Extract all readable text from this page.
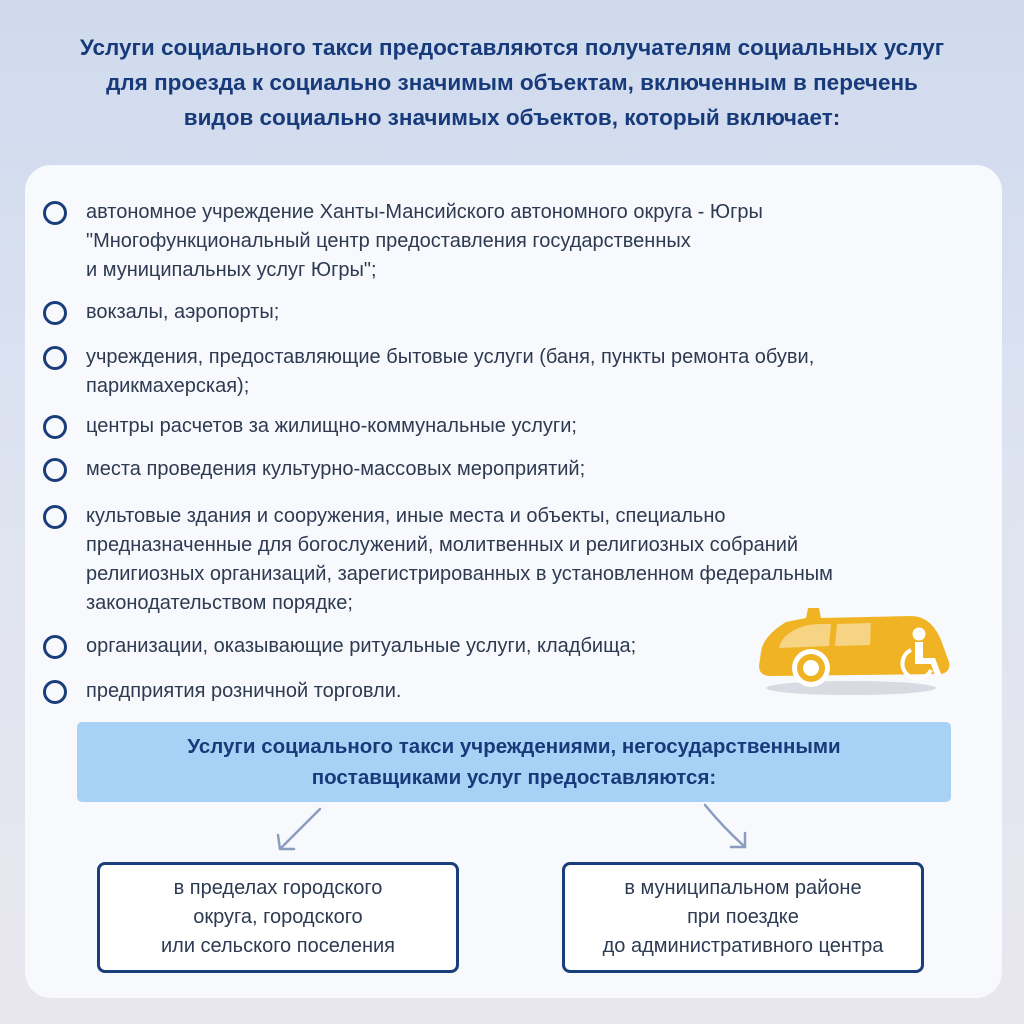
Услуги социального такси предоставляются получателям социальных услуг
для проезда к социально значимым объектам, включенным в перечень
видов социально значимых объектов, который включает:
автономное учреждение Ханты-Мансийского автономного округа - Югры
"Многофункциональный центр предоставления государственных
и муниципальных услуг Югры";
вокзалы, аэропорты;
учреждения, предоставляющие бытовые услуги (баня, пункты ремонта обуви,
парикмахерская);
центры расчетов за жилищно-коммунальные услуги;
места проведения культурно-массовых мероприятий;
культовые здания и сооружения, иные места и объекты, специально
предназначенные для богослужений, молитвенных и религиозных собраний
религиозных организаций, зарегистрированных в установленном федеральным
законодательством порядке;
организации, оказывающие ритуальные услуги, кладбища;
предприятия розничной торговли.
Услуги социального такси учреждениями, негосударственными
поставщиками услуг предоставляются:
в пределах городского
округа, городского
или сельского поселения
в муниципальном районе
при поездке
до административного центра
